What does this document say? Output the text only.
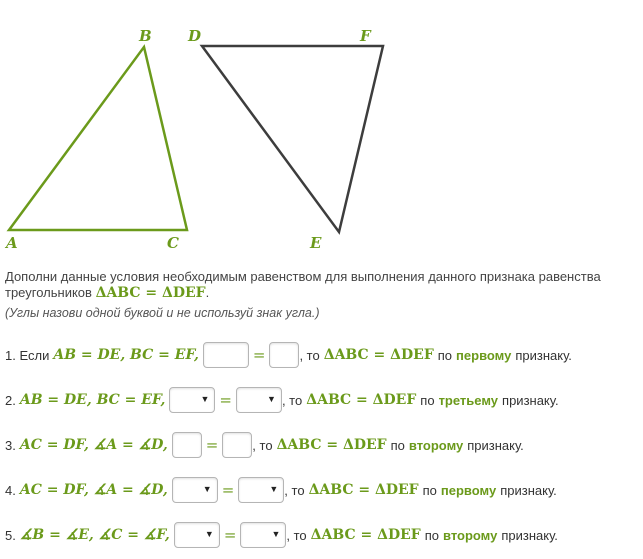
B
A	C
D	F
E
Дополни данные условия необходимым равенством для выполнения данного признака равенства треугольников ΔABC = ΔDEF.
(Углы назови одной буквой и не используй знак угла.)
1. Если AB = DE, BC = EF,	=	, то ΔABC = ΔDEF по первому признаку.
2. AB = DE, BC = EF,	▼ =	▼ , то ΔABC = ΔDEF по третьему признаку.
3. AC = DF, ∡A = ∡D,	=	, то ΔABC = ΔDEF по второму признаку.
4. AC = DF, ∡A = ∡D,	▼ =	▼ , то ΔABC = ΔDEF по первому признаку.
5. ∡B = ∡E, ∡C = ∡F,	▼ =	▼ , то ΔABC = ΔDEF по второму признаку.
